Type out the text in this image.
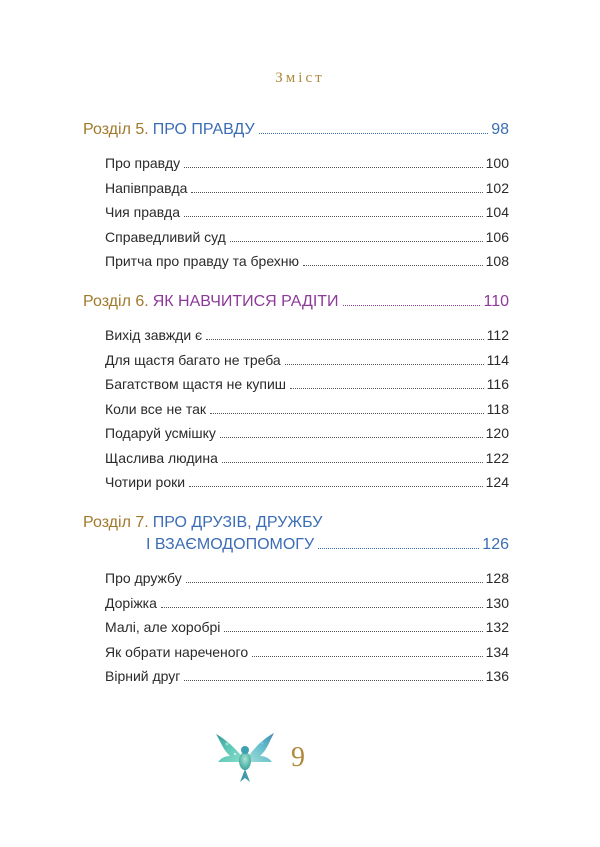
Зміст
Розділ 5. ПРО ПРАВДУ	98
Про правду	100
Напівправда	102
Чия правда	104
Справедливий суд	106
Притча про правду та брехню	108
Розділ 6. ЯК НАВЧИТИСЯ РАДІТИ	110
Вихід завжди є	112
Для щастя багато не треба	114
Багатством щастя не купиш	116
Коли все не так	118
Подаруй усмішку	120
Щаслива людина	122
Чотири роки	124
Розділ 7. ПРО ДРУЗІВ, ДРУЖБУ
І ВЗАЄМОДОПОМОГУ	126
Про дружбу	128
Доріжка	130
Малі, але хоробрі	132
Як обрати нареченого	134
Вірний друг	136
9
